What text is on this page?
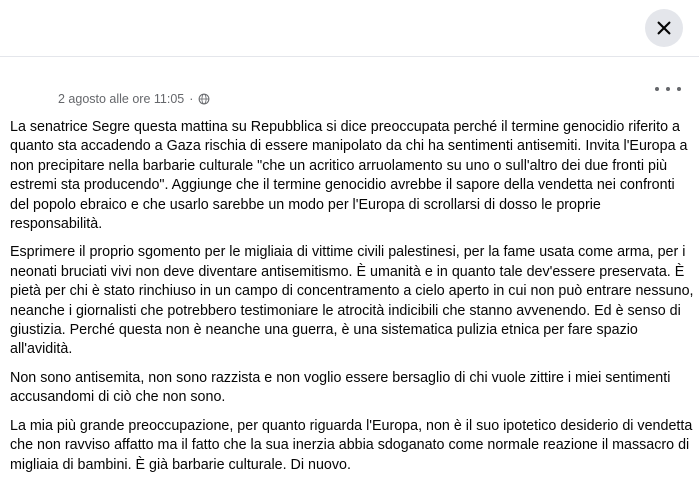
2 agosto alle ore 11:05 ·

La senatrice Segre questa mattina su Repubblica si dice preoccupata perché il termine genocidio riferito a quanto sta accadendo a Gaza rischia di essere manipolato da chi ha sentimenti antisemiti. Invita l'Europa a non precipitare nella barbarie culturale "che un acritico arruolamento su uno o sull'altro dei due fronti più estremi sta producendo". Aggiunge che il termine genocidio avrebbe il sapore della vendetta nei confronti del popolo ebraico e che usarlo sarebbe un modo per l'Europa di scrollarsi di dosso le proprie responsabilità.

Esprimere il proprio sgomento per le migliaia di vittime civili palestinesi, per la fame usata come arma, per i neonati bruciati vivi non deve diventare antisemitismo. È umanità e in quanto tale dev'essere preservata. È pietà per chi è stato rinchiuso in un campo di concentramento a cielo aperto in cui non può entrare nessuno, neanche i giornalisti che potrebbero testimoniare le atrocità indicibili che stanno avvenendo. Ed è senso di giustizia. Perché questa non è neanche una guerra, è una sistematica pulizia etnica per fare spazio all'avidità.

Non sono antisemita, non sono razzista e non voglio essere bersaglio di chi vuole zittire i miei sentimenti accusandomi di ciò che non sono.

La mia più grande preoccupazione, per quanto riguarda l'Europa, non è il suo ipotetico desiderio di vendetta che non ravviso affatto ma il fatto che la sua inerzia abbia sdoganato come normale reazione il massacro di migliaia di bambini. È già barbarie culturale. Di nuovo.
